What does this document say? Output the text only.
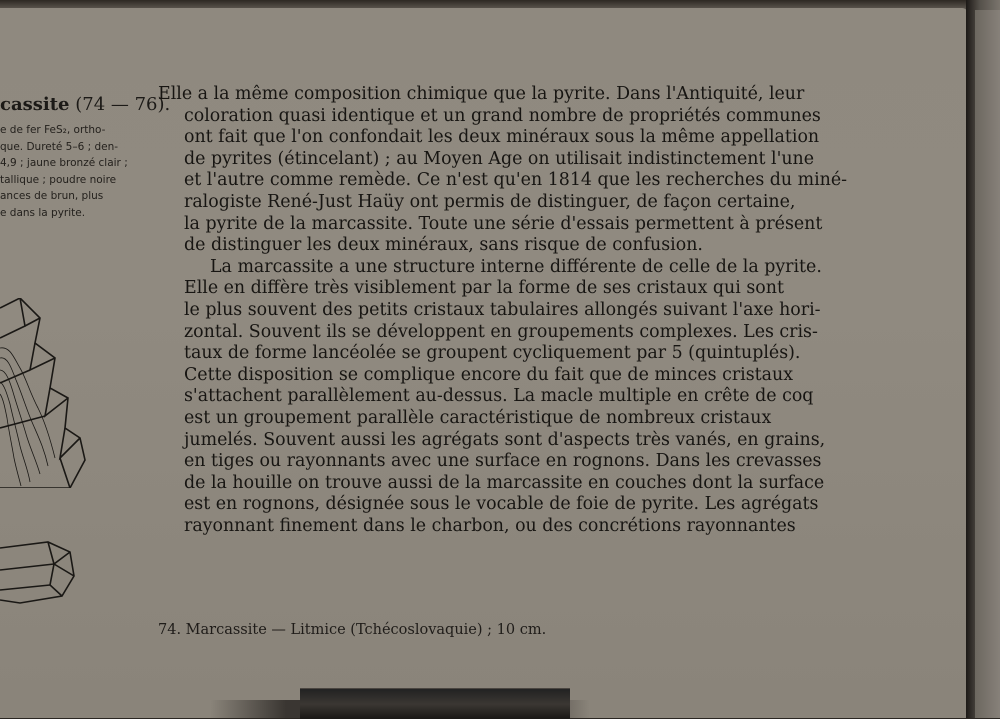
cassite (74 — 76).
e de fer FeS₂, ortho-
que. Dureté 5–6 ; den-
4,9 ; jaune bronzé clair ;
tallique ; poudre noire
ances de brun, plus
e dans la pyrite.
Elle a la même composition chimique que la pyrite. Dans l'Antiquité, leur
coloration quasi identique et un grand nombre de propriétés communes
ont fait que l'on confondait les deux minéraux sous la même appellation
de pyrites (étincelant) ; au Moyen Age on utilisait indistinctement l'une
et l'autre comme remède. Ce n'est qu'en 1814 que les recherches du miné-
ralogiste René-Just Haüy ont permis de distinguer, de façon certaine,
la pyrite de la marcassite. Toute une série d'essais permettent à présent
de distinguer les deux minéraux, sans risque de confusion.
La marcassite a une structure interne différente de celle de la pyrite.
Elle en diffère très visiblement par la forme de ses cristaux qui sont
le plus souvent des petits cristaux tabulaires allongés suivant l'axe hori-
zontal. Souvent ils se développent en groupements complexes. Les cris-
taux de forme lancéolée se groupent cycliquement par 5 (quintuplés).
Cette disposition se complique encore du fait que de minces cristaux
s'attachent parallèlement au-dessus. La macle multiple en crête de coq
est un groupement parallèle caractéristique de nombreux cristaux
jumelés. Souvent aussi les agrégats sont d'aspects très vanés, en grains,
en tiges ou rayonnants avec une surface en rognons. Dans les crevasses
de la houille on trouve aussi de la marcassite en couches dont la surface
est en rognons, désignée sous le vocable de foie de pyrite. Les agrégats
rayonnant finement dans le charbon, ou des concrétions rayonnantes
74. Marcassite — Litmice (Tchécoslovaquie) ; 10 cm.
